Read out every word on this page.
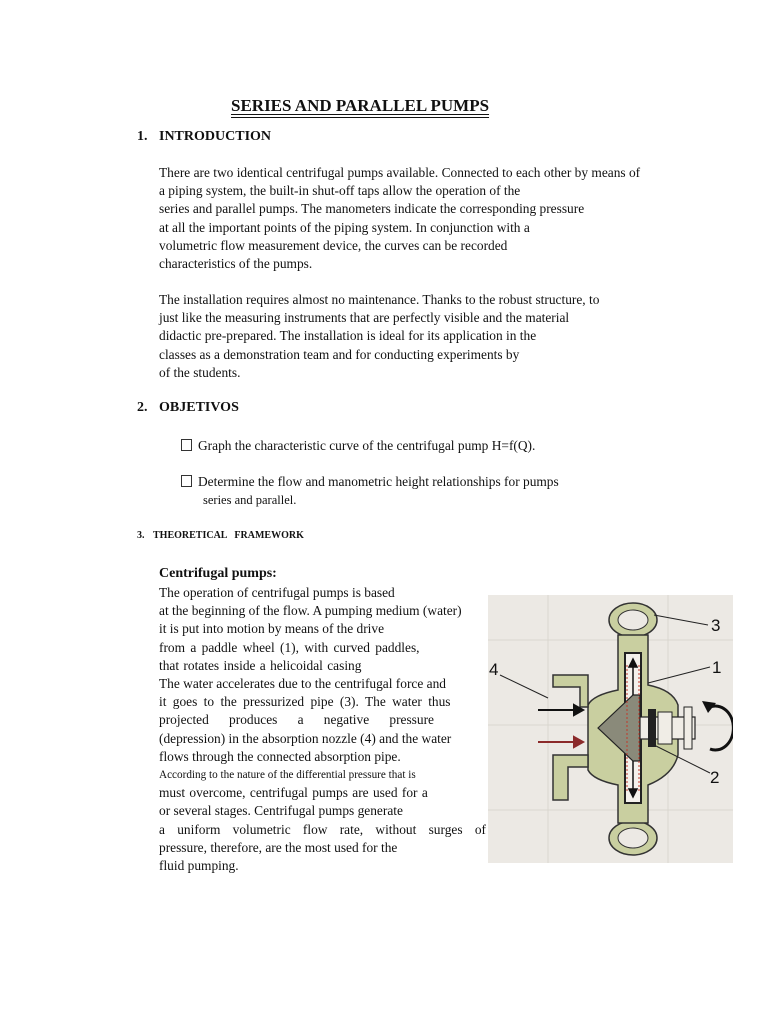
SERIES AND PARALLEL PUMPS
1. INTRODUCTION
There are two identical centrifugal pumps available. Connected to each other by means of
a piping system, the built-in shut-off taps allow the operation of the
series and parallel pumps. The manometers indicate the corresponding pressure
at all the important points of the piping system. In conjunction with a
volumetric flow measurement device, the curves can be recorded
characteristics of the pumps.
The installation requires almost no maintenance. Thanks to the robust structure, to
just like the measuring instruments that are perfectly visible and the material
didactic pre-prepared. The installation is ideal for its application in the
classes as a demonstration team and for conducting experiments by
of the students.
2. OBJETIVOS
Graph the characteristic curve of the centrifugal pump H=f(Q).
Determine the flow and manometric height relationships for pumps
series and parallel.
3. THEORETICAL   FRAMEWORK
Centrifugal pumps:
The operation of centrifugal pumps is based
at the beginning of the flow. A pumping medium (water)
it is put into motion by means of the drive
from a paddle wheel (1), with curved paddles,
that rotates inside a helicoidal casing
The water accelerates due to the centrifugal force and
it goes to the pressurized pipe (3). The water thus
projected produces a negative pressure
(depression) in the absorption nozzle (4) and the water
flows through the connected absorption pipe.
According to the nature of the differential pressure that is
must overcome, centrifugal pumps are used for a
or several stages. Centrifugal pumps generate
a uniform volumetric flow rate, without surges of
pressure, therefore, are the most used for the
fluid pumping.
3
4	1
2
